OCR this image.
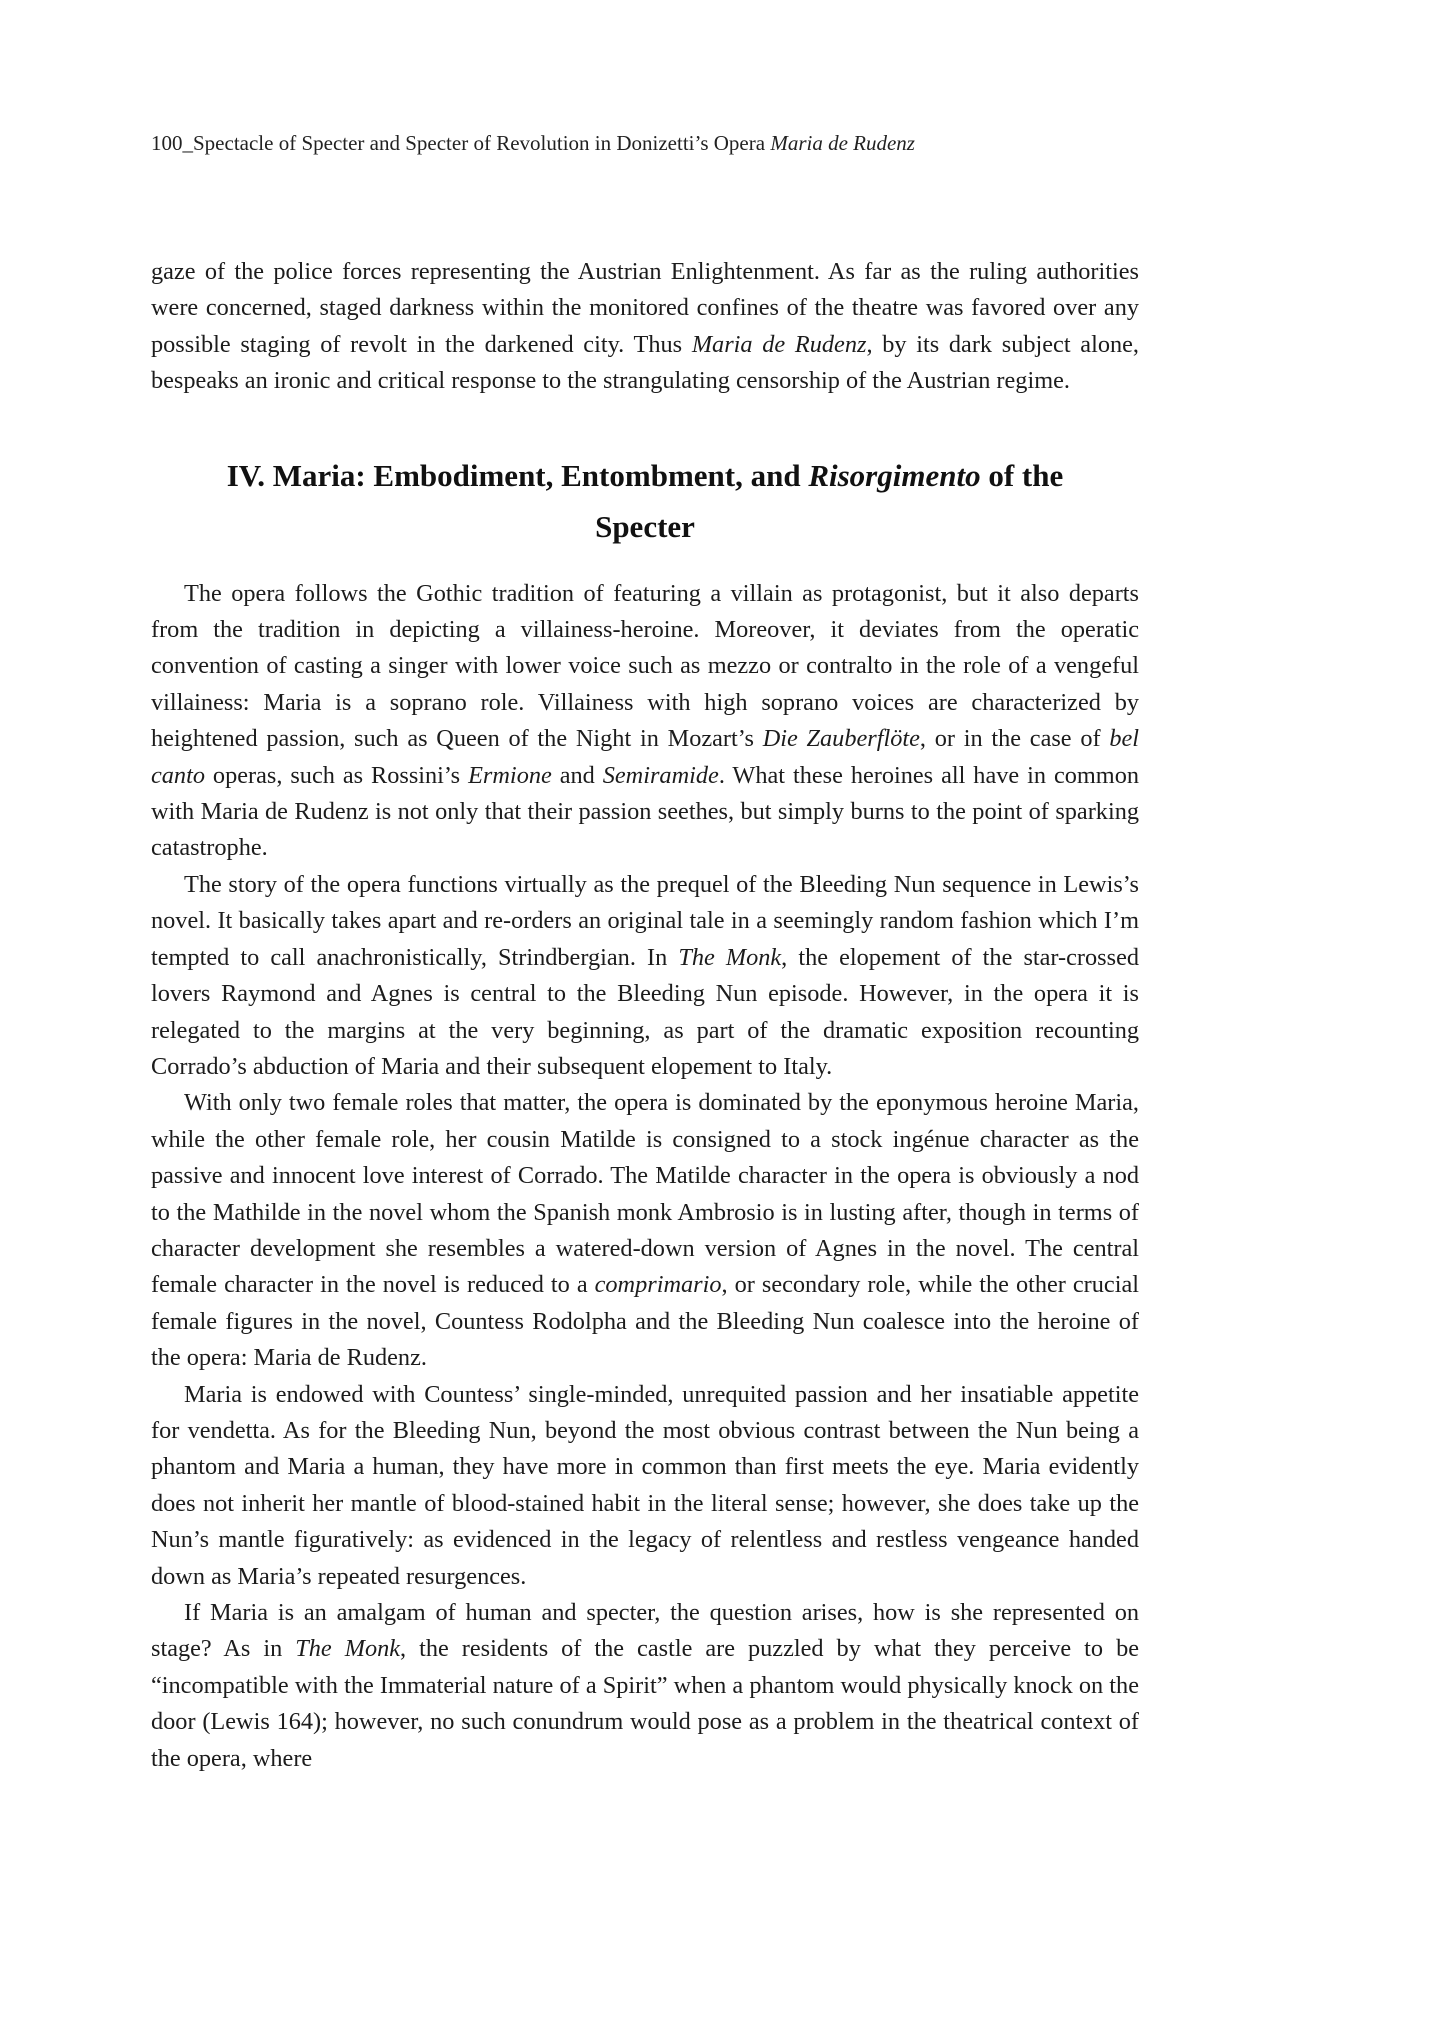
100_Spectacle of Specter and Specter of Revolution in Donizetti’s Opera Maria de Rudenz

gaze of the police forces representing the Austrian Enlightenment. As far as the ruling authorities were concerned, staged darkness within the monitored confines of the theatre was favored over any possible staging of revolt in the darkened city. Thus Maria de Rudenz, by its dark subject alone, bespeaks an ironic and critical response to the strangulating censorship of the Austrian regime.

IV. Maria: Embodiment, Entombment, and Risorgimento of the
Specter

The opera follows the Gothic tradition of featuring a villain as protagonist, but it also departs from the tradition in depicting a villainess-heroine. Moreover, it deviates from the operatic convention of casting a singer with lower voice such as mezzo or contralto in the role of a vengeful villainess: Maria is a soprano role. Villainess with high soprano voices are characterized by heightened passion, such as Queen of the Night in Mozart’s Die Zauberflöte, or in the case of bel canto operas, such as Rossini’s Ermione and Semiramide. What these heroines all have in common with Maria de Rudenz is not only that their passion seethes, but simply burns to the point of sparking catastrophe.

The story of the opera functions virtually as the prequel of the Bleeding Nun sequence in Lewis’s novel. It basically takes apart and re-orders an original tale in a seemingly random fashion which I’m tempted to call anachronistically, Strindbergian. In The Monk, the elopement of the star-crossed lovers Raymond and Agnes is central to the Bleeding Nun episode. However, in the opera it is relegated to the margins at the very beginning, as part of the dramatic exposition recounting Corrado’s abduction of Maria and their subsequent elopement to Italy.

With only two female roles that matter, the opera is dominated by the eponymous heroine Maria, while the other female role, her cousin Matilde is consigned to a stock ingénue character as the passive and innocent love interest of Corrado. The Matilde character in the opera is obviously a nod to the Mathilde in the novel whom the Spanish monk Ambrosio is in lusting after, though in terms of character development she resembles a watered-down version of Agnes in the novel. The central female character in the novel is reduced to a comprimario, or secondary role, while the other crucial female figures in the novel, Countess Rodolpha and the Bleeding Nun coalesce into the heroine of the opera: Maria de Rudenz.

Maria is endowed with Countess’ single-minded, unrequited passion and her insatiable appetite for vendetta. As for the Bleeding Nun, beyond the most obvious contrast between the Nun being a phantom and Maria a human, they have more in common than first meets the eye. Maria evidently does not inherit her mantle of blood-stained habit in the literal sense; however, she does take up the Nun’s mantle figuratively: as evidenced in the legacy of relentless and restless vengeance handed down as Maria’s repeated resurgences.

If Maria is an amalgam of human and specter, the question arises, how is she represented on stage? As in The Monk, the residents of the castle are puzzled by what they perceive to be “incompatible with the Immaterial nature of a Spirit” when a phantom would physically knock on the door (Lewis 164); however, no such conundrum would pose as a problem in the theatrical context of the opera, where
